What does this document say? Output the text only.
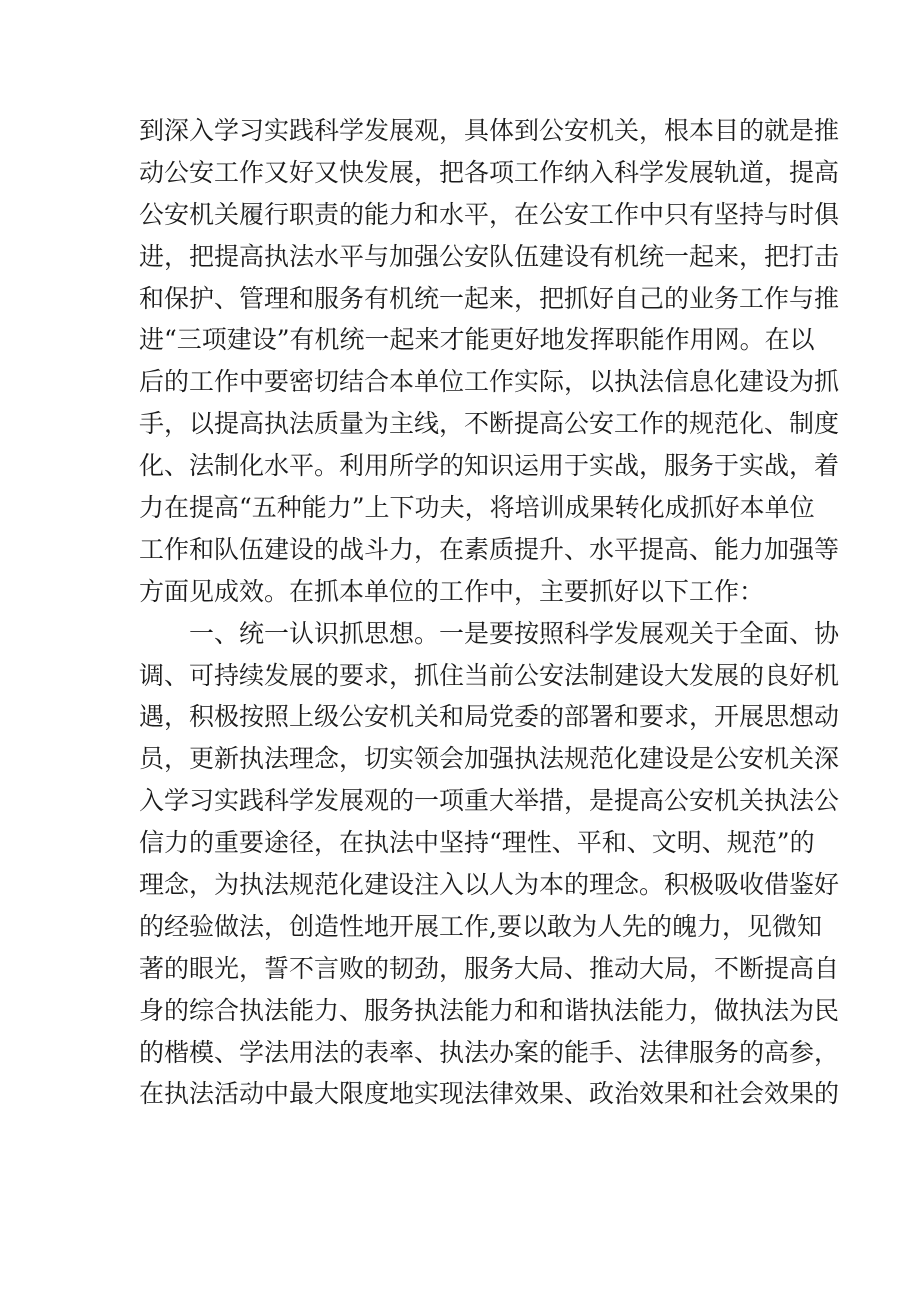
到深入学习实践科学发展观，具体到公安机关，根本目的就是推
动公安工作又好又快发展，把各项工作纳入科学发展轨道，提高
公安机关履行职责的能力和水平，在公安工作中只有坚持与时俱
进，把提高执法水平与加强公安队伍建设有机统一起来，把打击
和保护、管理和服务有机统一起来，把抓好自己的业务工作与推
进“三项建设”有机统一起来才能更好地发挥职能作用网。在以
后的工作中要密切结合本单位工作实际，以执法信息化建设为抓
手，以提高执法质量为主线，不断提高公安工作的规范化、制度
化、法制化水平。利用所学的知识运用于实战，服务于实战，着
力在提高“五种能力”上下功夫，将培训成果转化成抓好本单位
工作和队伍建设的战斗力，在素质提升、水平提高、能力加强等
方面见成效。在抓本单位的工作中，主要抓好以下工作：
一、统一认识抓思想。一是要按照科学发展观关于全面、协
调、可持续发展的要求，抓住当前公安法制建设大发展的良好机
遇，积极按照上级公安机关和局党委的部署和要求，开展思想动
员，更新执法理念，切实领会加强执法规范化建设是公安机关深
入学习实践科学发展观的一项重大举措，是提高公安机关执法公
信力的重要途径，在执法中坚持“理性、平和、文明、规范”的
理念，为执法规范化建设注入以人为本的理念。积极吸收借鉴好
的经验做法，创造性地开展工作,要以敢为人先的魄力，见微知
著的眼光，誓不言败的韧劲，服务大局、推动大局，不断提高自
身的综合执法能力、服务执法能力和和谐执法能力，做执法为民
的楷模、学法用法的表率、执法办案的能手、法律服务的高参，
在执法活动中最大限度地实现法律效果、政治效果和社会效果的
